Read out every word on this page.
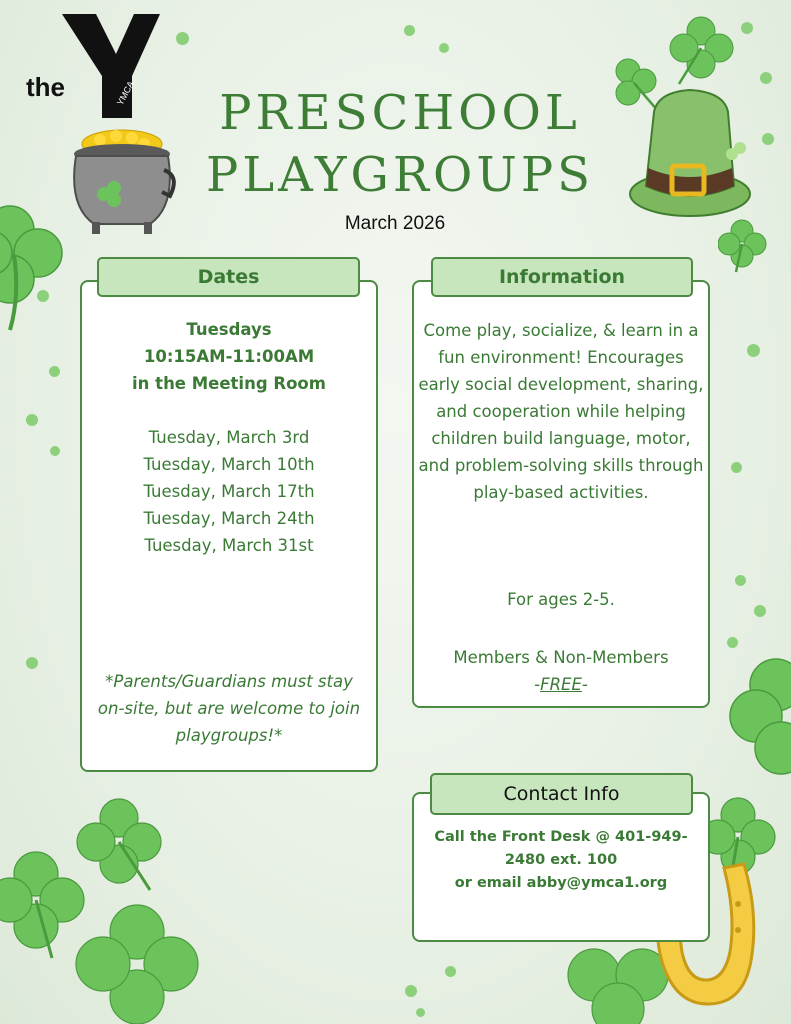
the	YMCA	PRESCHOOL
PLAYGROUPS
March 2026
Dates
Tuesdays
10:15AM-11:00AM
in the Meeting Room
Tuesday, March 3rd
Tuesday, March 10th
Tuesday, March 17th
Tuesday, March 24th
Tuesday, March 31st
*Parents/Guardians must stay on-site, but are welcome to join playgroups!*
Information
Come play, socialize, & learn in a fun environment! Encourages early social development, sharing, and cooperation while helping children build language, motor, and problem-solving skills through play-based activities.
For ages 2-5.
Members & Non-Members
-FREE-
Contact Info
Call the Front Desk @ 401-949-2480 ext. 100
or email abby@ymca1.org
